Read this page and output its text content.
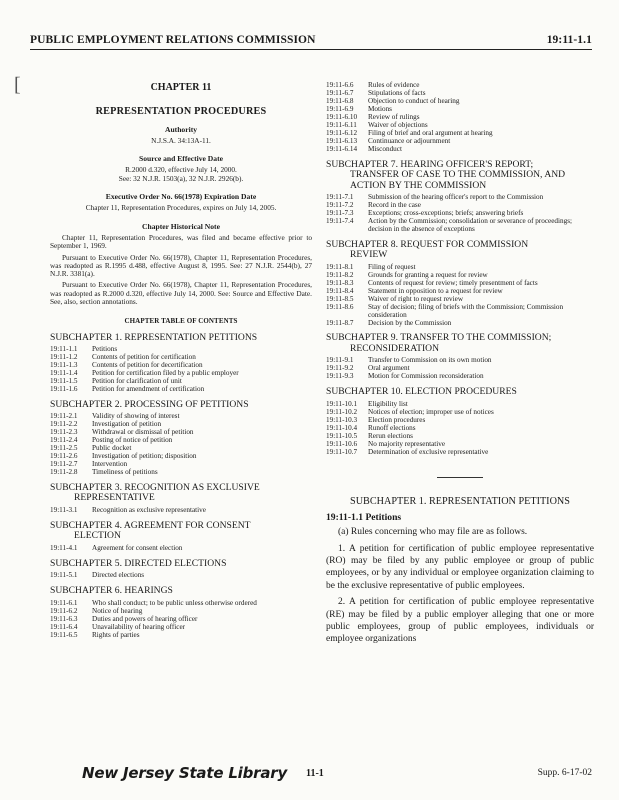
PUBLIC EMPLOYMENT RELATIONS COMMISSION	19:11-1.1
[	CHAPTER 11
REPRESENTATION PROCEDURES
Authority

N.J.S.A. 34:13A-11.

Source and Effective Date

R.2000 d.320, effective July 14, 2000.

See: 32 N.J.R. 1503(a), 32 N.J.R. 2926(b).

Executive Order No. 66(1978) Expiration Date

Chapter 11, Representation Procedures, expires on July 14, 2005.

Chapter Historical Note

Chapter 11, Representation Procedures, was filed and became effective prior to September 1, 1969.

Pursuant to Executive Order No. 66(1978), Chapter 11, Representation Procedures, was readopted as R.1995 d.488, effective August 8, 1995. See: 27 N.J.R. 2544(b), 27 N.J.R. 3381(a).

Pursuant to Executive Order No. 66(1978), Chapter 11, Representation Procedures, was readopted as R.2000 d.320, effective July 14, 2000. See: Source and Effective Date. See, also, section annotations.

CHAPTER TABLE OF CONTENTS
SUBCHAPTER 1. REPRESENTATION PETITIONS
19:11-1.1	Petitions
19:11-1.2	Contents of petition for certification
19:11-1.3	Contents of petition for decertification
19:11-1.4	Petition for certification filed by a public employer
19:11-1.5	Petition for clarification of unit
19:11-1.6	Petition for amendment of certification
SUBCHAPTER 2. PROCESSING OF PETITIONS
19:11-2.1	Validity of showing of interest
19:11-2.2	Investigation of petition
19:11-2.3	Withdrawal or dismissal of petition
19:11-2.4	Posting of notice of petition
19:11-2.5	Public docket
19:11-2.6	Investigation of petition; disposition
19:11-2.7	Intervention
19:11-2.8	Timeliness of petitions
SUBCHAPTER 3. RECOGNITION AS EXCLUSIVE
REPRESENTATIVE
19:11-3.1	Recognition as exclusive representative
SUBCHAPTER 4. AGREEMENT FOR CONSENT
ELECTION
19:11-4.1	Agreement for consent election
SUBCHAPTER 5. DIRECTED ELECTIONS
19:11-5.1	Directed elections
SUBCHAPTER 6. HEARINGS
19:11-6.1	Who shall conduct; to be public unless otherwise ordered
19:11-6.2	Notice of hearing
19:11-6.3	Duties and powers of hearing officer
19:11-6.4	Unavailability of hearing officer
19:11-6.5	Rights of parties
19:11-6.6	Rules of evidence
19:11-6.7	Stipulations of facts
19:11-6.8	Objection to conduct of hearing
19:11-6.9	Motions
19:11-6.10	Review of rulings
19:11-6.11	Waiver of objections
19:11-6.12	Filing of brief and oral argument at hearing
19:11-6.13	Continuance or adjournment
19:11-6.14	Misconduct
SUBCHAPTER 7. HEARING OFFICER'S REPORT;
TRANSFER OF CASE TO THE COMMISSION, AND
ACTION BY THE COMMISSION
19:11-7.1	Submission of the hearing officer's report to the Commission
19:11-7.2	Record in the case
19:11-7.3	Exceptions; cross-exceptions; briefs; answering briefs
19:11-7.4	Action by the Commission; consolidation or severance of proceedings; decision in the absence of exceptions
SUBCHAPTER 8. REQUEST FOR COMMISSION
REVIEW
19:11-8.1	Filing of request
19:11-8.2	Grounds for granting a request for review
19:11-8.3	Contents of request for review; timely presentment of facts
19:11-8.4	Statement in opposition to a request for review
19:11-8.5	Waiver of right to request review
19:11-8.6	Stay of decision; filing of briefs with the Commission; Commission consideration
19:11-8.7	Decision by the Commission
SUBCHAPTER 9. TRANSFER TO THE COMMISSION;
RECONSIDERATION
19:11-9.1	Transfer to Commission on its own motion
19:11-9.2	Oral argument
19:11-9.3	Motion for Commission reconsideration
SUBCHAPTER 10. ELECTION PROCEDURES
19:11-10.1	Eligibility list
19:11-10.2	Notices of election; improper use of notices
19:11-10.3	Election procedures
19:11-10.4	Runoff elections
19:11-10.5	Rerun elections
19:11-10.6	No majority representative
19:11-10.7	Determination of exclusive representative
SUBCHAPTER 1. REPRESENTATION PETITIONS
19:11-1.1 Petitions

(a) Rules concerning who may file are as follows.

1. A petition for certification of public employee representative (RO) may be filed by any public employee or group of public employees, or by any individual or employee organization claiming to be the exclusive representative of public employees.

2. A petition for certification of public employee representative (RE) may be filed by a public employer alleging that one or more public employees, group of public employees, individuals or employee organizations

New Jersey State Library 11-1	Supp. 6-17-02
